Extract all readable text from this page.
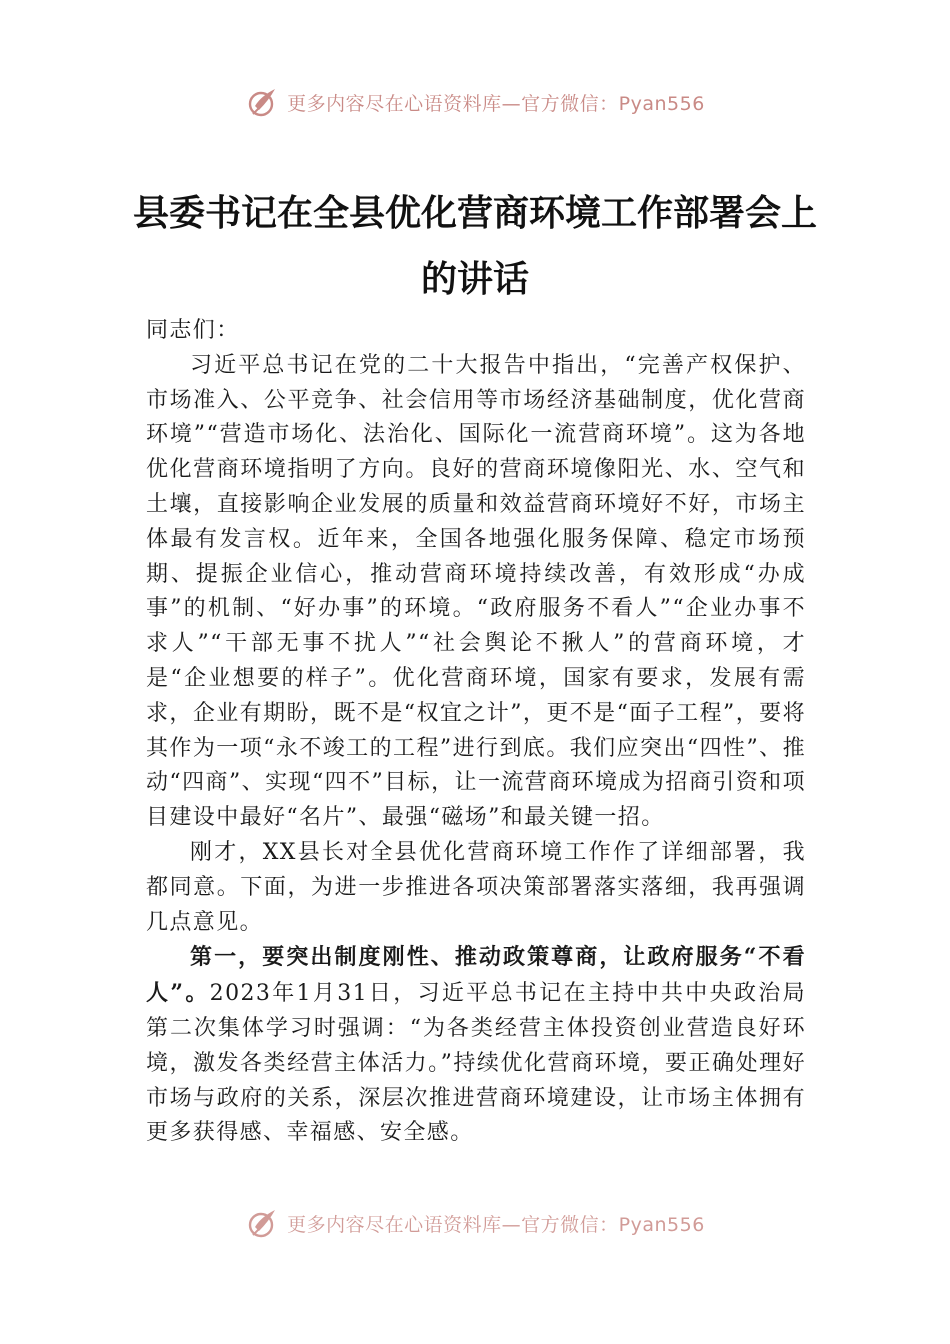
更多内容尽在心语资料库—官方微信：Pyan556
县委书记在全县优化营商环境工作部署会上的讲话

同志们：

习近平总书记在党的二十大报告中指出，“完善产权保护、市场准入、公平竞争、社会信用等市场经济基础制度，优化营商环境”“营造市场化、法治化、国际化一流营商环境”。这为各地优化营商环境指明了方向。良好的营商环境像阳光、水、空气和土壤，直接影响企业发展的质量和效益营商环境好不好，市场主体最有发言权。近年来，全国各地强化服务保障、稳定市场预期、提振企业信心，推动营商环境持续改善，有效形成“办成事”的机制、“好办事”的环境。“政府服务不看人”“企业办事不求人”“干部无事不扰人”“社会舆论不揪人”的营商环境，才是“企业想要的样子”。优化营商环境，国家有要求，发展有需求，企业有期盼，既不是“权宜之计”，更不是“面子工程”，要将其作为一项“永不竣工的工程”进行到底。我们应突出“四性”、推动“四商”、实现“四不”目标，让一流营商环境成为招商引资和项目建设中最好“名片”、最强“磁场”和最关键一招。

刚才，XX县长对全县优化营商环境工作作了详细部署，我都同意。下面，为进一步推进各项决策部署落实落细，我再强调几点意见。

第一，要突出制度刚性、推动政策尊商，让政府服务“不看人”。2023年1月31日，习近平总书记在主持中共中央政治局第二次集体学习时强调：“为各类经营主体投资创业营造良好环境，激发各类经营主体活力。”持续优化营商环境，要正确处理好市场与政府的关系，深层次推进营商环境建设，让市场主体拥有更多获得感、幸福感、安全感。

更多内容尽在心语资料库—官方微信：Pyan556
